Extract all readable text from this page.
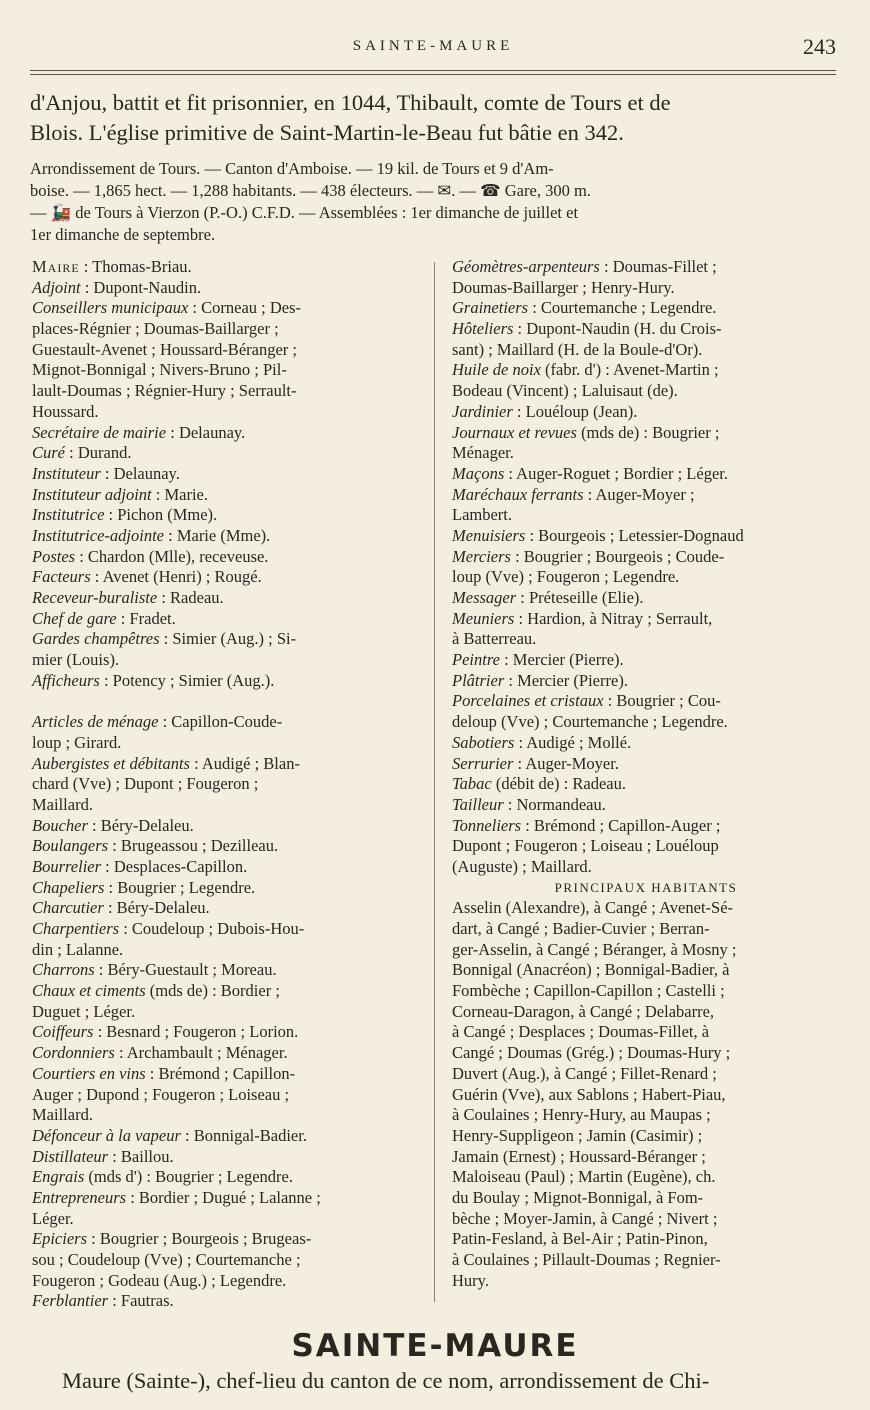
SAINTE-MAURE	243

d'Anjou, battit et fit prisonnier, en 1044, Thibault, comte de Tours et de

Blois. L'église primitive de Saint-Martin-le-Beau fut bâtie en 342.

Arrondissement de Tours. — Canton d'Amboise. — 19 kil. de Tours et 9 d'Am-

boise. — 1,865 hect. — 1,288 habitants. — 438 électeurs. — ✉. — ☎ Gare, 300 m.

— 🚂 de Tours à Vierzon (P.-O.) C.F.D. — Assemblées : 1er dimanche de juillet et

1er dimanche de septembre.

Maire : Thomas-Briau.
Adjoint : Dupont-Naudin.
Conseillers municipaux : Corneau ; Des-
places-Régnier ; Doumas-Baillarger ;
Guestault-Avenet ; Houssard-Béranger ;
Mignot-Bonnigal ; Nivers-Bruno ; Pil-
lault-Doumas ; Régnier-Hury ; Serrault-
Houssard.
Secrétaire de mairie : Delaunay.
Curé : Durand.
Instituteur : Delaunay.
Instituteur adjoint : Marie.
Institutrice : Pichon (Mme).
Institutrice-adjointe : Marie (Mme).
Postes : Chardon (Mlle), receveuse.
Facteurs : Avenet (Henri) ; Rougé.
Receveur-buraliste : Radeau.
Chef de gare : Fradet.
Gardes champêtres : Simier (Aug.) ; Si-
mier (Louis).
Afficheurs : Potency ; Simier (Aug.).
Articles de ménage : Capillon-Coude-
loup ; Girard.
Aubergistes et débitants : Audigé ; Blan-
chard (Vve) ; Dupont ; Fougeron ;
Maillard.
Boucher : Béry-Delaleu.
Boulangers : Brugeassou ; Dezilleau.
Bourrelier : Desplaces-Capillon.
Chapeliers : Bougrier ; Legendre.
Charcutier : Béry-Delaleu.
Charpentiers : Coudeloup ; Dubois-Hou-
din ; Lalanne.
Charrons : Béry-Guestault ; Moreau.
Chaux et ciments (mds de) : Bordier ;
Duguet ; Léger.
Coiffeurs : Besnard ; Fougeron ; Lorion.
Cordonniers : Archambault ; Ménager.
Courtiers en vins : Brémond ; Capillon-
Auger ; Dupond ; Fougeron ; Loiseau ;
Maillard.
Défonceur à la vapeur : Bonnigal-Badier.
Distillateur : Baillou.
Engrais (mds d') : Bougrier ; Legendre.
Entrepreneurs : Bordier ; Dugué ; Lalanne ;
Léger.
Epiciers : Bougrier ; Bourgeois ; Brugeas-
sou ; Coudeloup (Vve) ; Courtemanche ;
Fougeron ; Godeau (Aug.) ; Legendre.
Ferblantier : Fautras.
Géomètres-arpenteurs : Doumas-Fillet ;
Doumas-Baillarger ; Henry-Hury.
Grainetiers : Courtemanche ; Legendre.
Hôteliers : Dupont-Naudin (H. du Crois-
sant) ; Maillard (H. de la Boule-d'Or).
Huile de noix (fabr. d') : Avenet-Martin ;
Bodeau (Vincent) ; Laluisaut (de).
Jardinier : Louéloup (Jean).
Journaux et revues (mds de) : Bougrier ;
Ménager.
Maçons : Auger-Roguet ; Bordier ; Léger.
Maréchaux ferrants : Auger-Moyer ;
Lambert.
Menuisiers : Bourgeois ; Letessier-Dognaud
Merciers : Bougrier ; Bourgeois ; Coude-
loup (Vve) ; Fougeron ; Legendre.
Messager : Préteseille (Elie).
Meuniers : Hardion, à Nitray ; Serrault,
à Batterreau.
Peintre : Mercier (Pierre).
Plâtrier : Mercier (Pierre).
Porcelaines et cristaux : Bougrier ; Cou-
deloup (Vve) ; Courtemanche ; Legendre.
Sabotiers : Audigé ; Mollé.
Serrurier : Auger-Moyer.
Tabac (débit de) : Radeau.
Tailleur : Normandeau.
Tonneliers : Brémond ; Capillon-Auger ;
Dupont ; Fougeron ; Loiseau ; Louéloup
(Auguste) ; Maillard.
PRINCIPAUX HABITANTS
Asselin (Alexandre), à Cangé ; Avenet-Sé-
dart, à Cangé ; Badier-Cuvier ; Berran-
ger-Asselin, à Cangé ; Béranger, à Mosny ;
Bonnigal (Anacréon) ; Bonnigal-Badier, à
Fombèche ; Capillon-Capillon ; Castelli ;
Corneau-Daragon, à Cangé ; Delabarre,
à Cangé ; Desplaces ; Doumas-Fillet, à
Cangé ; Doumas (Grég.) ; Doumas-Hury ;
Duvert (Aug.), à Cangé ; Fillet-Renard ;
Guérin (Vve), aux Sablons ; Habert-Piau,
à Coulaines ; Henry-Hury, au Maupas ;
Henry-Suppligeon ; Jamin (Casimir) ;
Jamain (Ernest) ; Houssard-Béranger ;
Maloiseau (Paul) ; Martin (Eugène), ch.
du Boulay ; Mignot-Bonnigal, à Fom-
bèche ; Moyer-Jamin, à Cangé ; Nivert ;
Patin-Fesland, à Bel-Air ; Patin-Pinon,
à Coulaines ; Pillault-Doumas ; Regnier-
Hury.
SAINTE-MAURE
Maure (Sainte-), chef-lieu du canton de ce nom, arrondissement de Chi-
